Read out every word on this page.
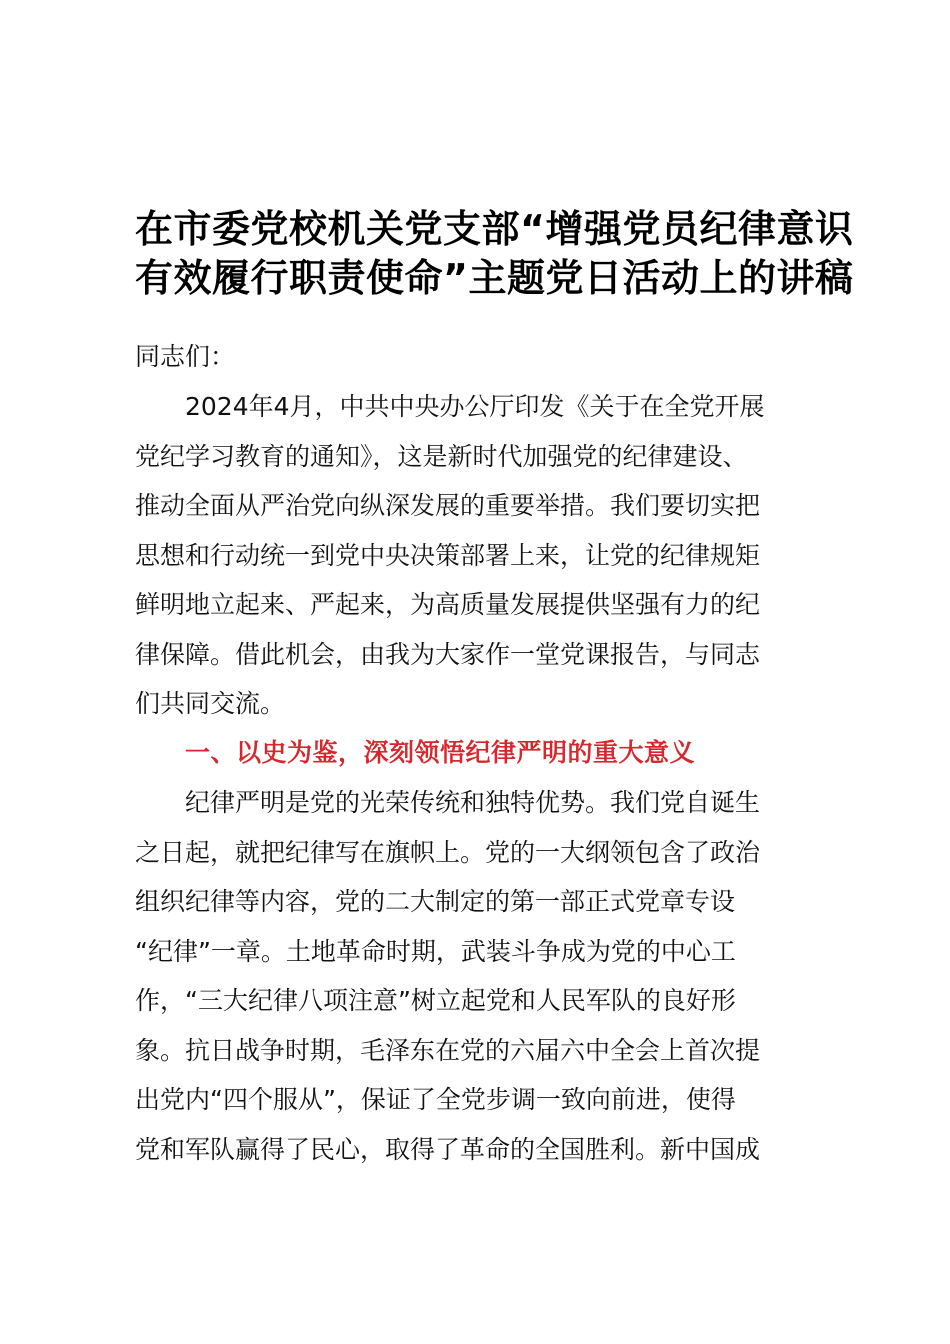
在市委党校机关党支部“增强党员纪律意识
有效履行职责使命”主题党日活动上的讲稿

同志们：

2024年4月，中共中央办公厅印发《关于在全党开展
党纪学习教育的通知》，这是新时代加强党的纪律建设、
推动全面从严治党向纵深发展的重要举措。我们要切实把
思想和行动统一到党中央决策部署上来，让党的纪律规矩
鲜明地立起来、严起来，为高质量发展提供坚强有力的纪
律保障。借此机会，由我为大家作一堂党课报告，与同志
们共同交流。

一、以史为鉴，深刻领悟纪律严明的重大意义

纪律严明是党的光荣传统和独特优势。我们党自诞生
之日起，就把纪律写在旗帜上。党的一大纲领包含了政治
组织纪律等内容，党的二大制定的第一部正式党章专设
“纪律”一章。土地革命时期，武装斗争成为党的中心工
作，“三大纪律八项注意”树立起党和人民军队的良好形
象。抗日战争时期，毛泽东在党的六届六中全会上首次提
出党内“四个服从”，保证了全党步调一致向前进，使得
党和军队赢得了民心，取得了革命的全国胜利。新中国成
